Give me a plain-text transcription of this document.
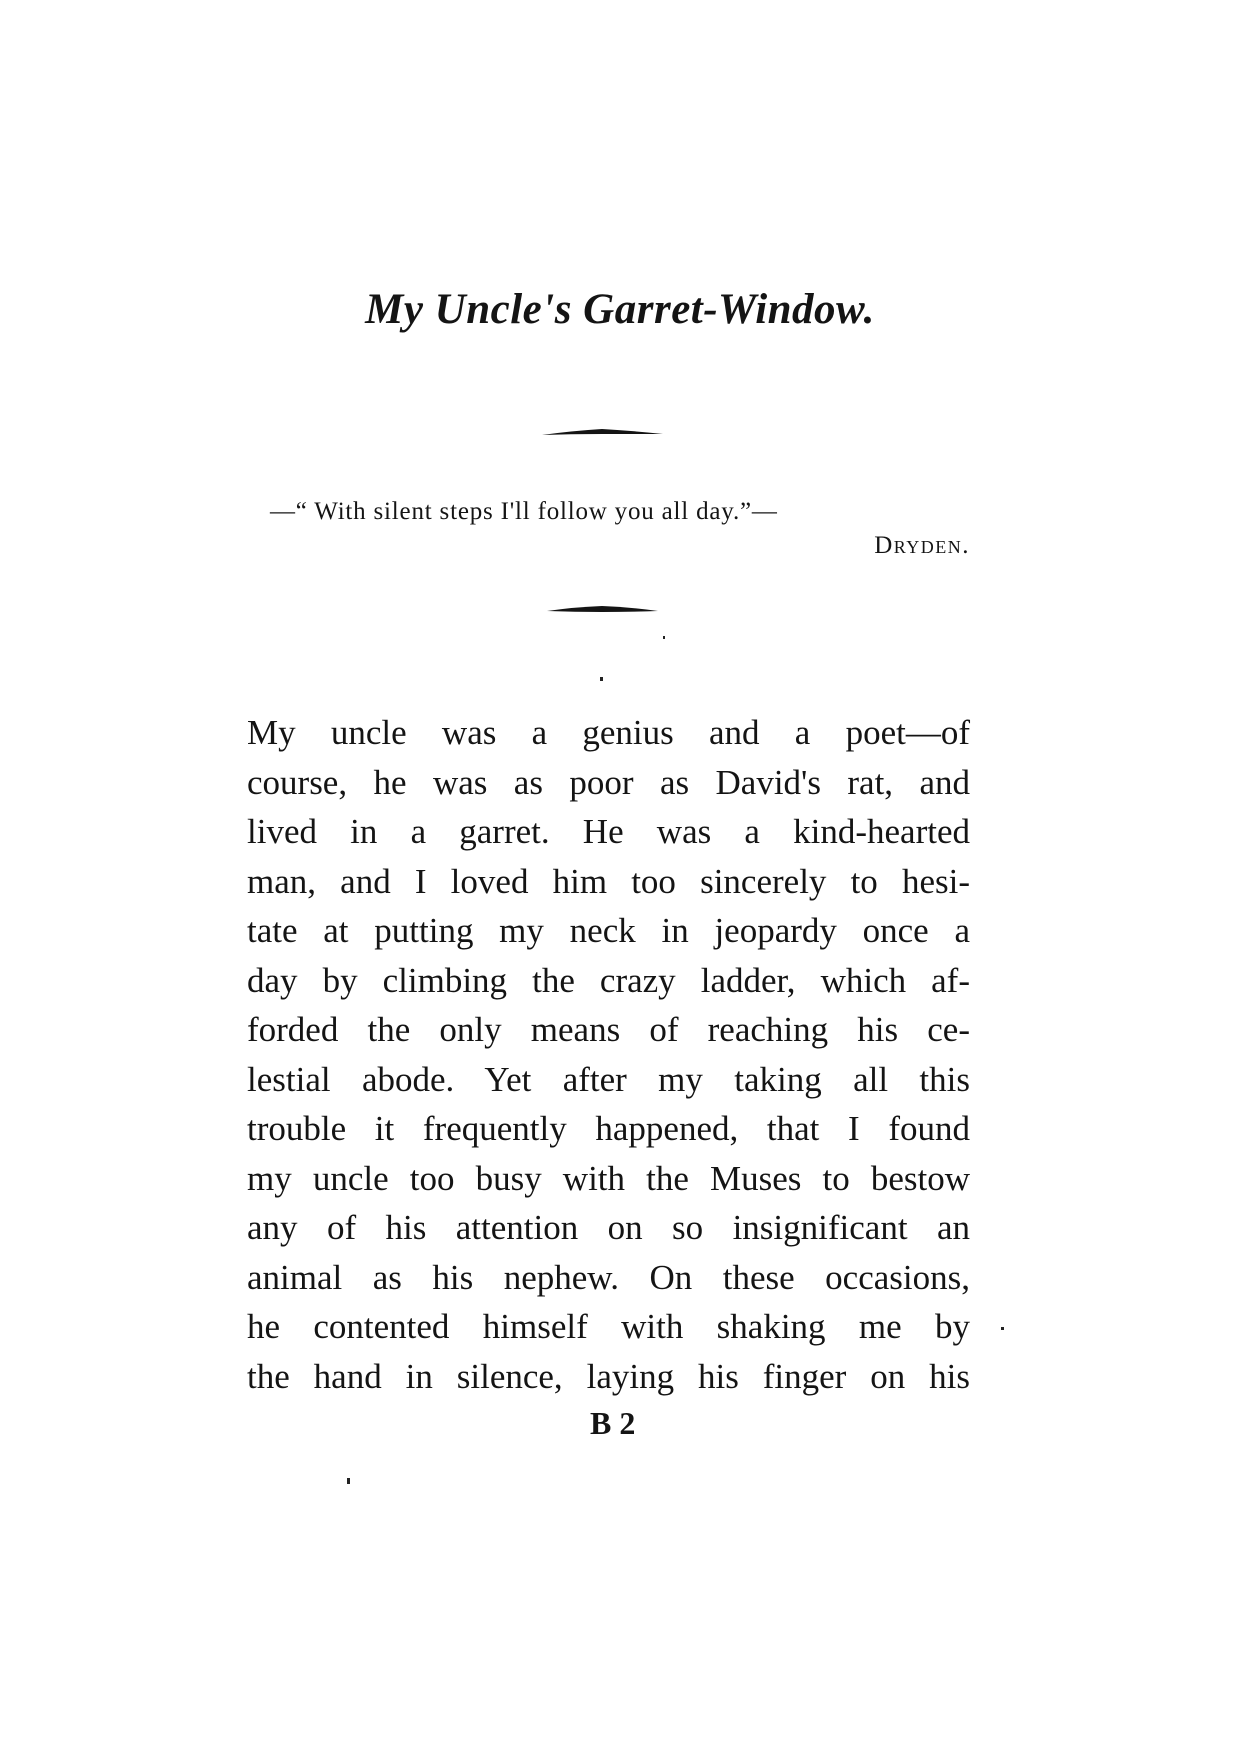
My Uncle's Garret-Window.
—“ With silent steps I'll follow you all day.”—
Dryden.
My uncle was a genius and a poet—of
course, he was as poor as David's rat, and
lived in a garret. He was a kind-hearted
man, and I loved him too sincerely to hesi-
tate at putting my neck in jeopardy once a
day by climbing the crazy ladder, which af-
forded the only means of reaching his ce-
lestial abode. Yet after my taking all this
trouble it frequently happened, that I found
my uncle too busy with the Muses to bestow
any of his attention on so insignificant an
animal as his nephew. On these occasions,
he contented himself with shaking me by
the hand in silence, laying his finger on his
B 2
